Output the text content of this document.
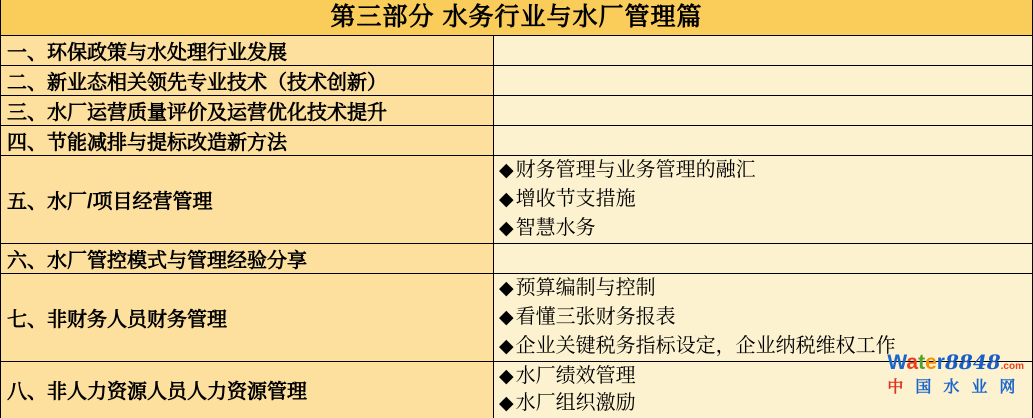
第三部分 水务行业与水厂管理篇	

一、环保政策与水处理行业发展	

二、新业态相关领先专业技术（技术创新）	

三、水厂运营质量评价及运营优化技术提升	

四、节能减排与提标改造新方法	

五、水厂/项目经营管理

◆ 财务管理与业务管理的融汇
◆ 增收节支措施
◆ 智慧水务

六、水厂管控模式与管理经验分享	

七、非财务人员财务管理

◆ 预算编制与控制
◆ 看懂三张财务报表
◆ 企业关键税务指标设定，企业纳税维权工作

八、非人力资源人员人力资源管理	◆ 水厂绩效管理
◆ 水厂组织激励
Water8848.com
中 国 水 业 网
